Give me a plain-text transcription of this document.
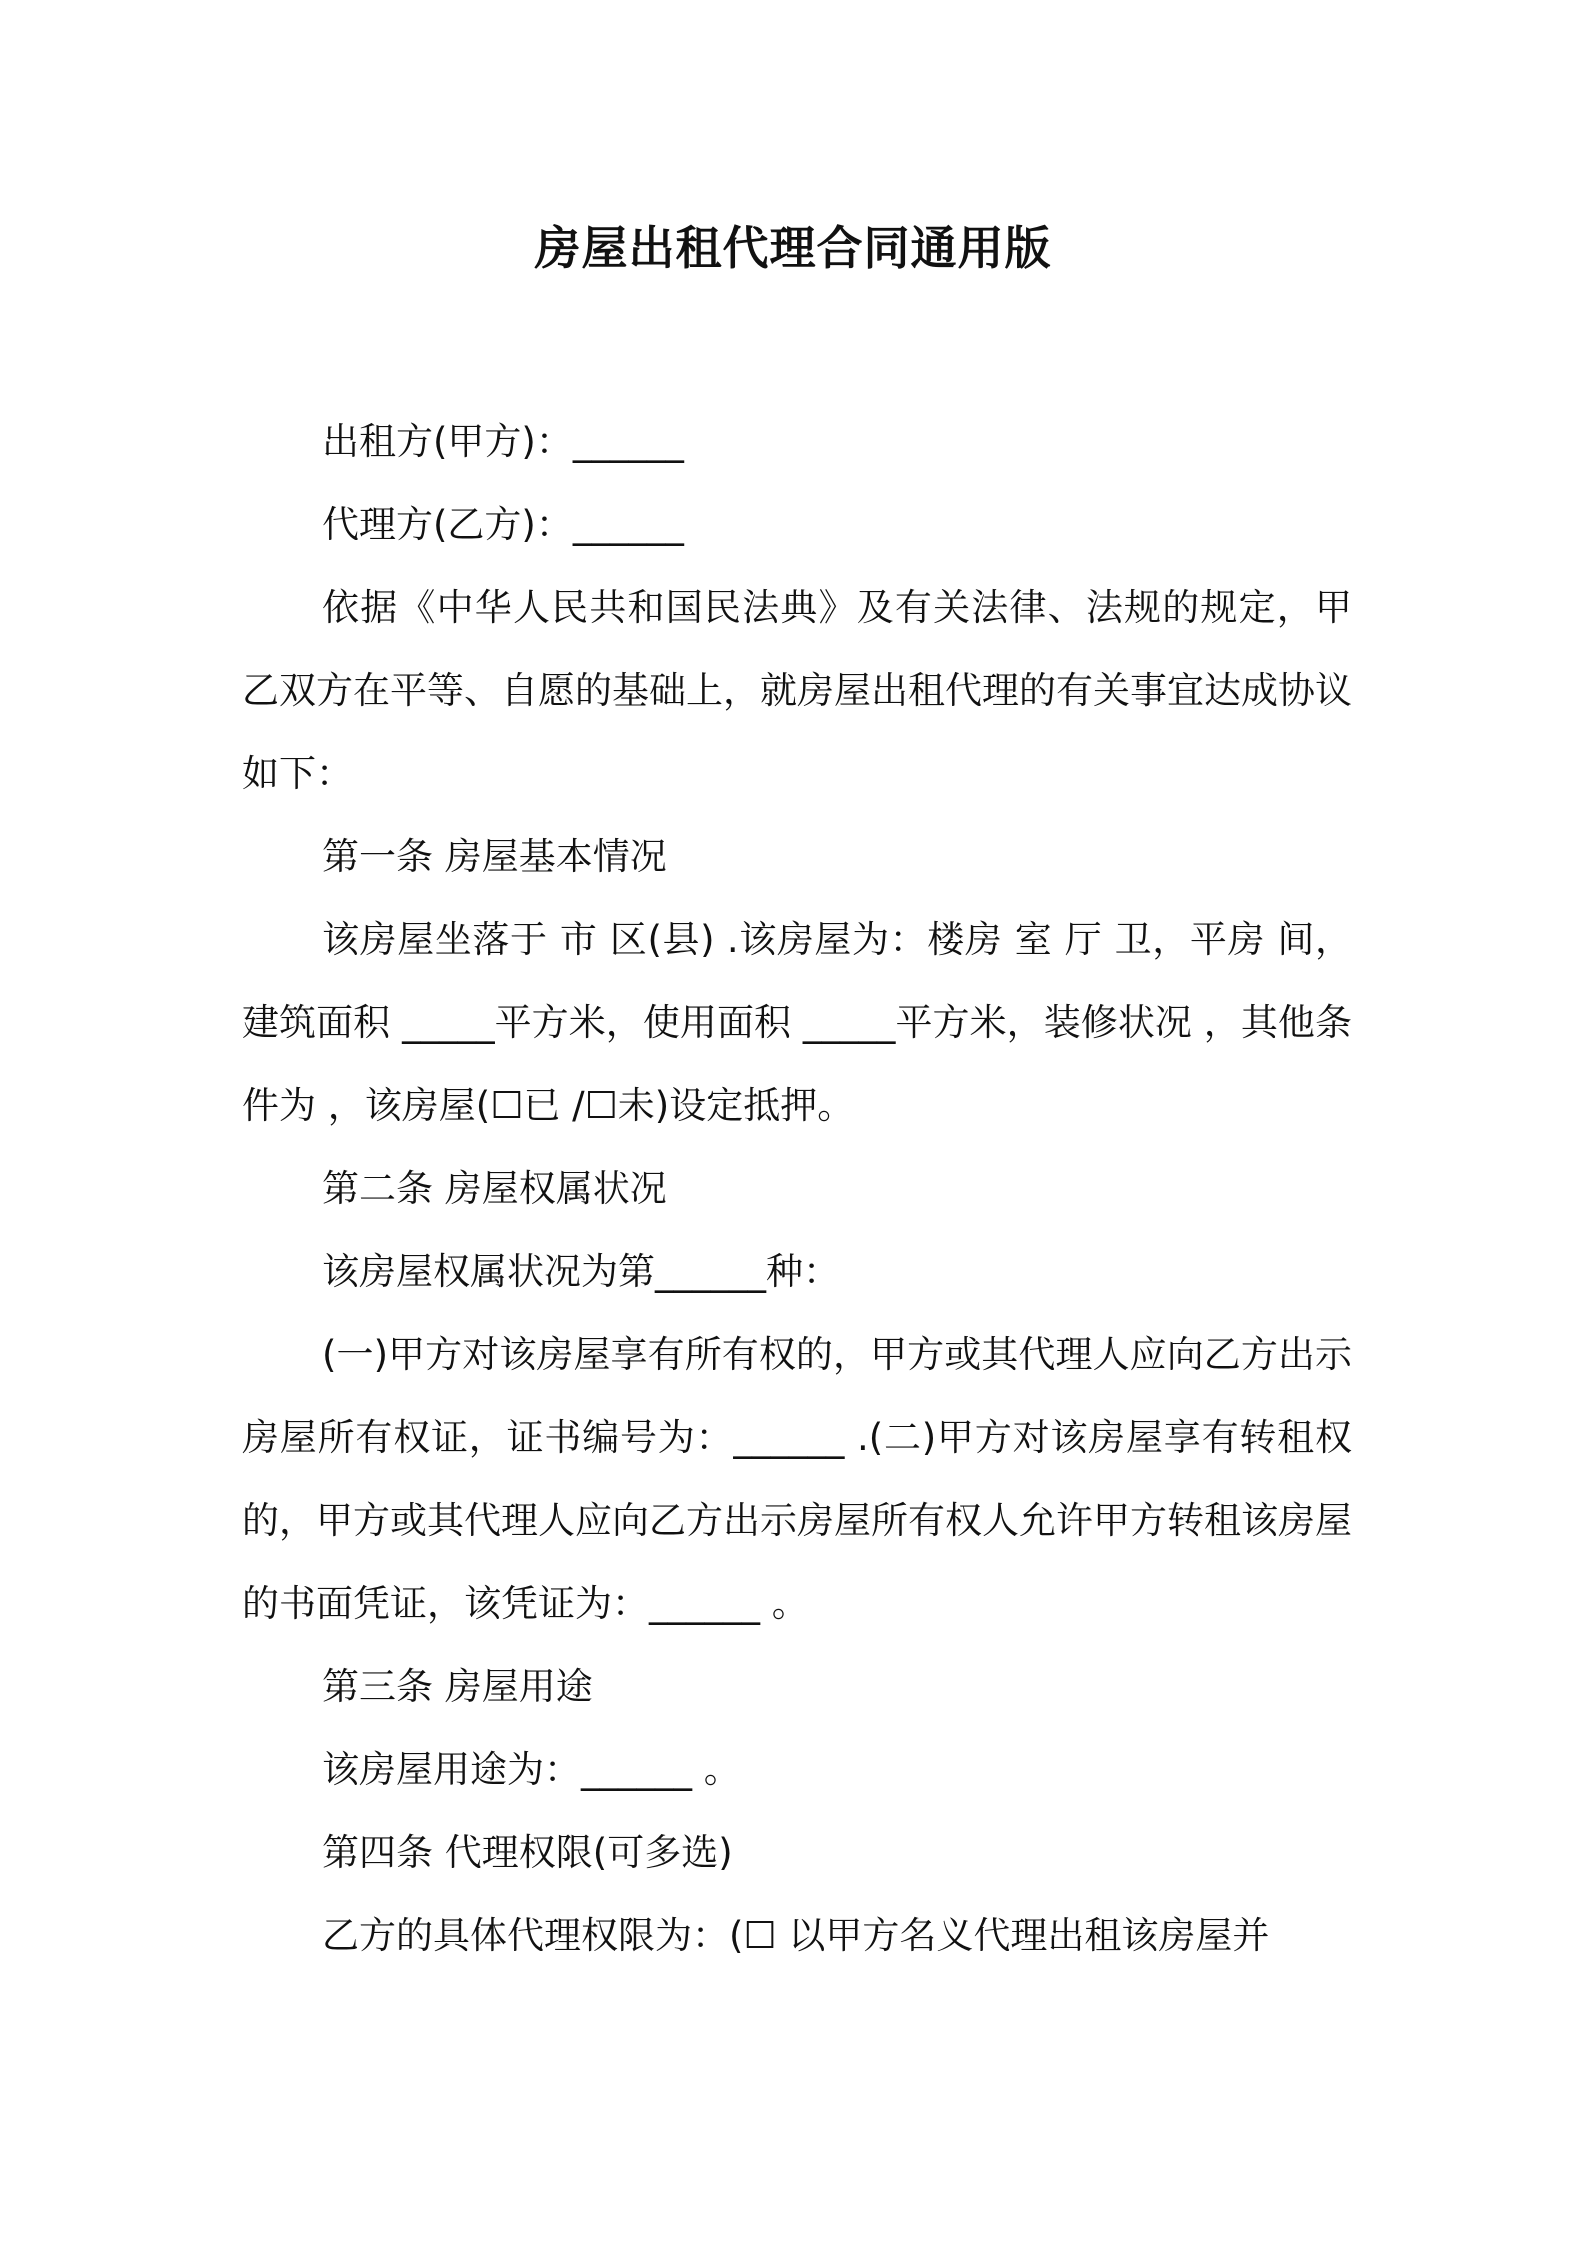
房屋出租代理合同通用版

出租方(甲方)：______

代理方(乙方)：______

依据《中华人民共和国民法典》及有关法律、法规的规定，甲乙双方在平等、自愿的基础上，就房屋出租代理的有关事宜达成协议如下：

第一条 房屋基本情况

该房屋坐落于 市 区(县) .该房屋为：楼房 室 厅 卫，平房 间，建筑面积 _____平方米，使用面积 _____平方米，装修状况 ，其他条件为 ，该房屋(☐已 /☐未)设定抵押。

第二条 房屋权属状况

该房屋权属状况为第______种：

(一)甲方对该房屋享有所有权的，甲方或其代理人应向乙方出示房屋所有权证，证书编号为：______ .(二)甲方对该房屋享有转租权的，甲方或其代理人应向乙方出示房屋所有权人允许甲方转租该房屋的书面凭证，该凭证为：______ 。

第三条 房屋用途

该房屋用途为：______ 。

第四条 代理权限(可多选)

乙方的具体代理权限为：(☐ 以甲方名义代理出租该房屋并
